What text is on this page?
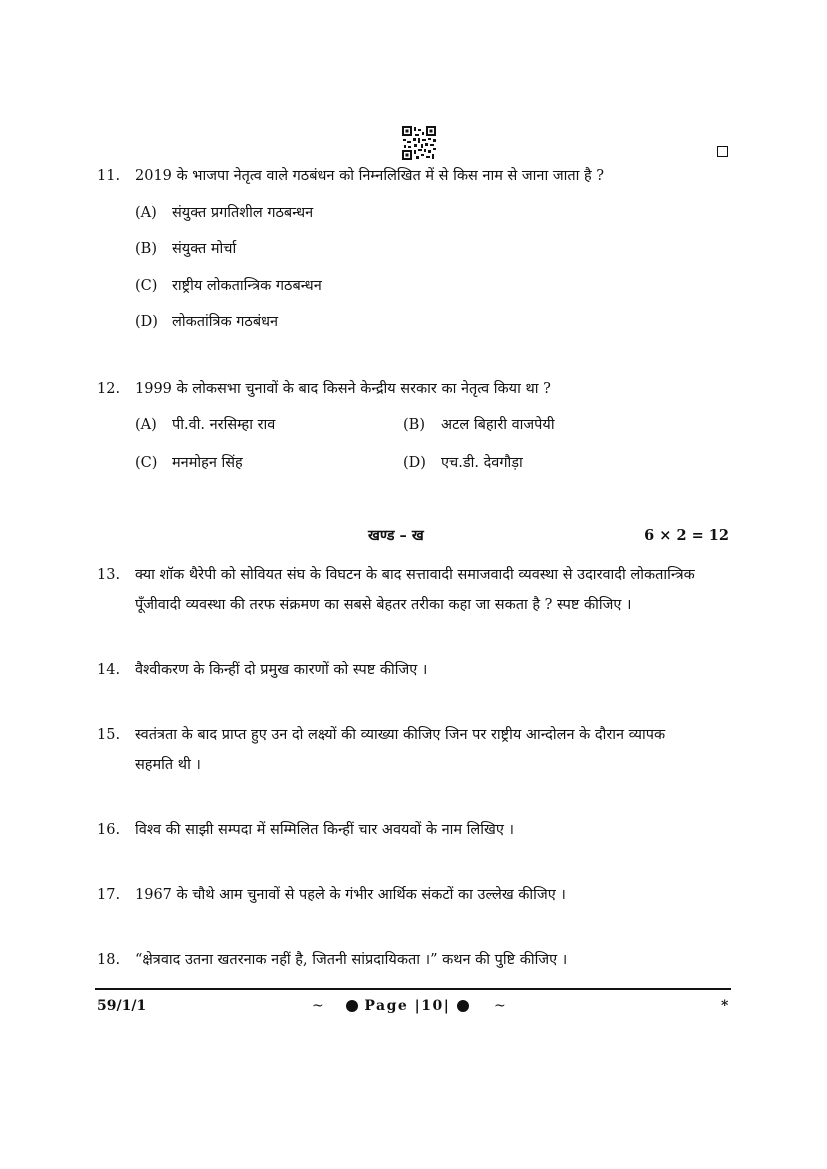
11. 2019 के भाजपा नेतृत्व वाले गठबंधन को निम्नलिखित में से किस नाम से जाना जाता है ?
(A) संयुक्त प्रगतिशील गठबन्धन
(B) संयुक्त मोर्चा
(C) राष्ट्रीय लोकतान्त्रिक गठबन्धन
(D) लोकतांत्रिक गठबंधन
12. 1999 के लोकसभा चुनावों के बाद किसने केन्द्रीय सरकार का नेतृत्व किया था ?
(A) पी.वी. नरसिम्हा राव	(B) अटल बिहारी वाजपेयी
(C) मनमोहन सिंह	(D) एच.डी. देवगौड़ा
खण्ड – ख	6 × 2 = 12
13. क्या शॉक थैरेपी को सोवियत संघ के विघटन के बाद सत्तावादी समाजवादी व्यवस्था से उदारवादी लोकतान्त्रिक
पूँजीवादी व्यवस्था की तरफ संक्रमण का सबसे बेहतर तरीका कहा जा सकता है ? स्पष्ट कीजिए ।
14. वैश्वीकरण के किन्हीं दो प्रमुख कारणों को स्पष्ट कीजिए ।
15. स्वतंत्रता के बाद प्राप्त हुए उन दो लक्ष्यों की व्याख्या कीजिए जिन पर राष्ट्रीय आन्दोलन के दौरान व्यापक
सहमति थी ।
16. विश्व की साझी सम्पदा में सम्मिलित किन्हीं चार अवयवों के नाम लिखिए ।
17. 1967 के चौथे आम चुनावों से पहले के गंभीर आर्थिक संकटों का उल्लेख कीजिए ।
18. “क्षेत्रवाद उतना खतरनाक नहीं है, जितनी सांप्रदायिकता ।” कथन की पुष्टि कीजिए ।
59/1/1	~	Page |10|	~	*
